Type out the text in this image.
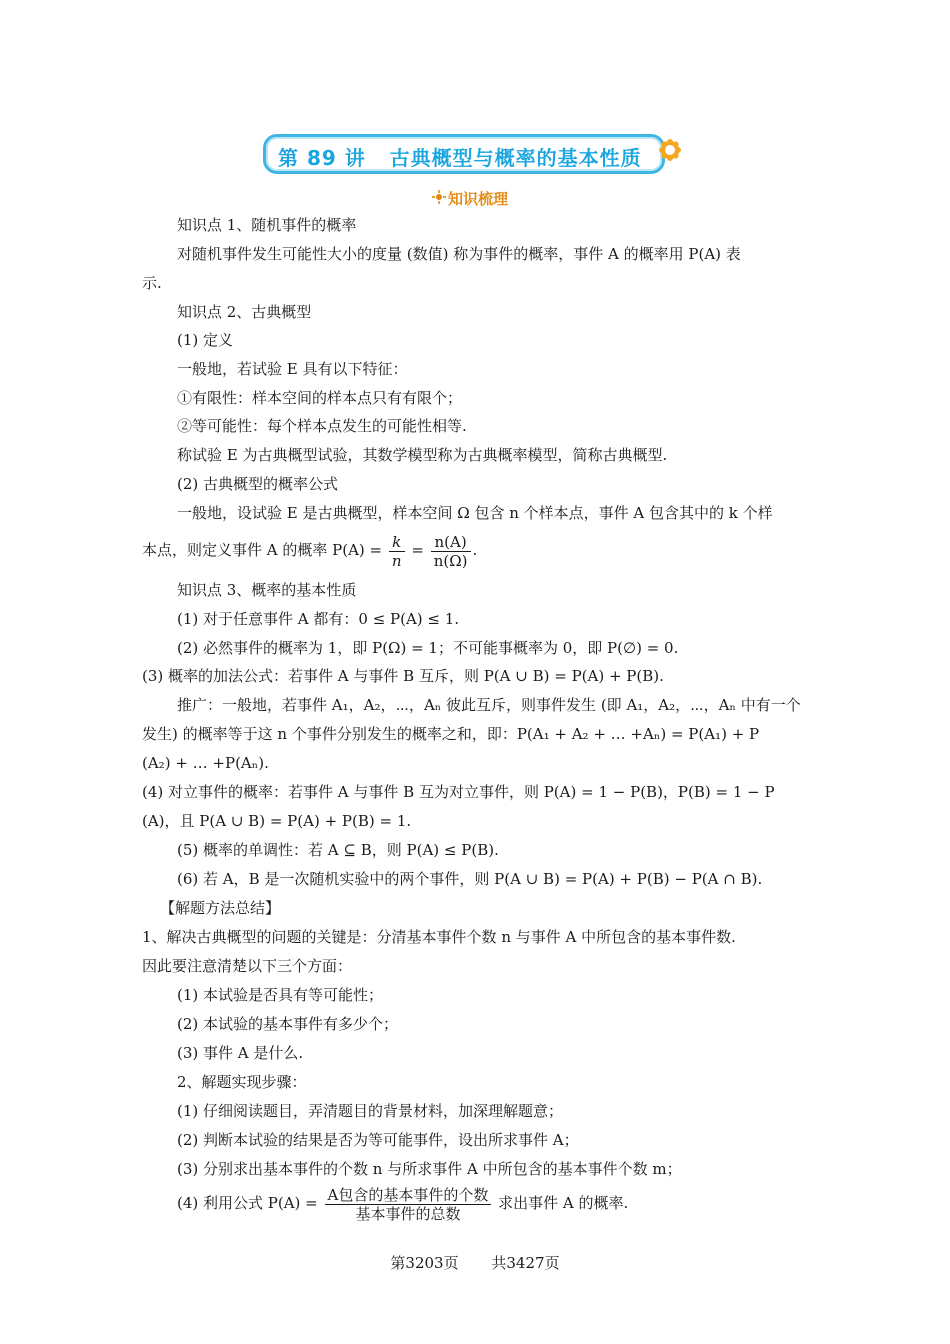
第 89 讲 古典概型与概率的基本性质
知识梳理
知识点 1、随机事件的概率
对随机事件发生可能性大小的度量 (数值) 称为事件的概率，事件 A 的概率用 P(A) 表
示.
知识点 2、古典概型
(1) 定义
一般地，若试验 E 具有以下特征：
①有限性：样本空间的样本点只有有限个；
②等可能性：每个样本点发生的可能性相等.
称试验 E 为古典概型试验，其数学模型称为古典概率模型，简称古典概型.
(2) 古典概型的概率公式
一般地，设试验 E 是古典概型，样本空间 Ω 包含 n 个样本点，事件 A 包含其中的 k 个样
本点，则定义事件 A 的概率 $P(A) = \frac{k}{n} = \frac{n(A)}{n(\Omega)}$ .
知识点 3、概率的基本性质
(1) 对于任意事件 A 都有：0 ≤ P(A) ≤ 1.
(2) 必然事件的概率为 1，即 P(Ω) = 1；不可能事概率为 0，即 P(∅) = 0.
(3) 概率的加法公式：若事件 A 与事件 B 互斥，则 P(A ∪ B) = P(A) + P(B).
推广：一般地，若事件 A₁，A₂，⋯，Aₙ 彼此互斥，则事件发生 (即 A₁，A₂，⋯，Aₙ 中有一个
发生) 的概率等于这 n 个事件分别发生的概率之和，即：P(A₁ + A₂ + … +Aₙ) = P(A₁) + P
(A₂) + … +P(Aₙ).
(4) 对立事件的概率：若事件 A 与事件 B 互为对立事件，则 P(A) = 1 − P(B)，P(B) = 1 − P
(A)，且 P(A ∪ B) = P(A) + P(B) = 1.
(5) 概率的单调性：若 A ⊆ B，则 P(A) ≤ P(B).
(6) 若 A，B 是一次随机实验中的两个事件，则 P(A ∪ B) = P(A) + P(B) − P(A ∩ B).
【解题方法总结】
1、解决古典概型的问题的关键是：分清基本事件个数 n 与事件 A 中所包含的基本事件数.
因此要注意清楚以下三个方面：
(1) 本试验是否具有等可能性；
(2) 本试验的基本事件有多少个；
(3) 事件 A 是什么.
2、解题实现步骤：
(1) 仔细阅读题目，弄清题目的背景材料，加深理解题意；
(2) 判断本试验的结果是否为等可能事件，设出所求事件 A；
(3) 分别求出基本事件的个数 n 与所求事件 A 中所包含的基本事件个数 m；
(4) 利用公式 $P(A) = \frac{\text{A包含的基本事件的个数}}{\text{基本事件的总数}}$ 求出事件 A 的概率.
第3203页 共3427页
